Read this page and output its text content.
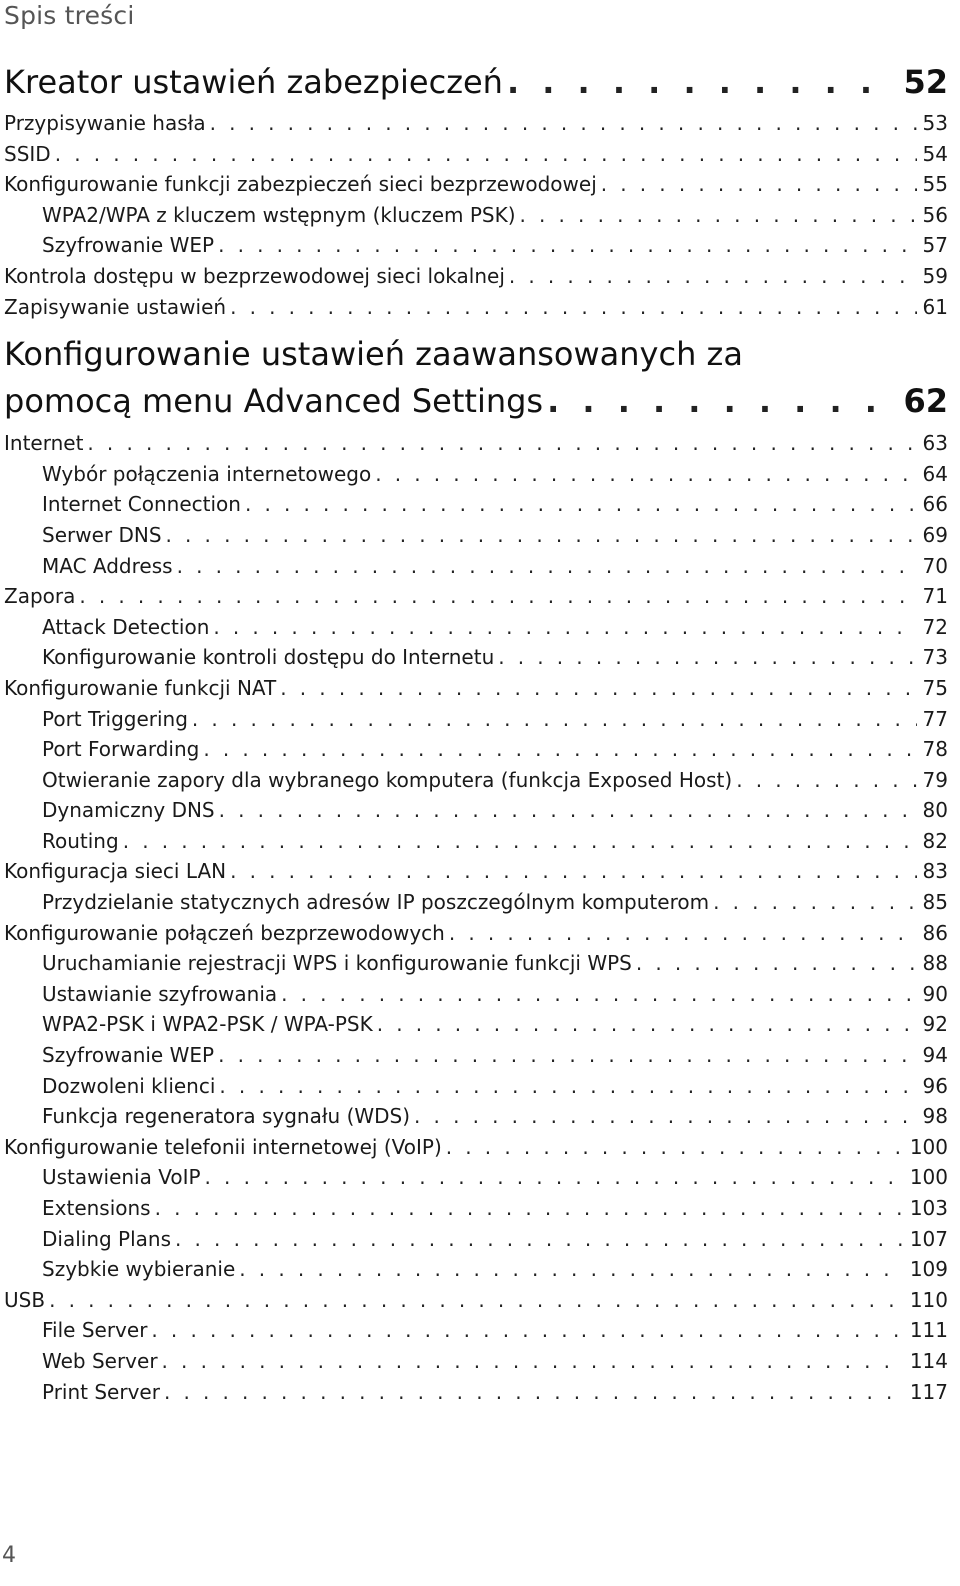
Spis treści
Kreator ustawień zabezpieczeń . . .	52
Przypisywanie hasła . . .	53
SSID . . .	54
Konfigurowanie funkcji zabezpieczeń sieci bezprzewodowej . . .	55
WPA2/WPA z kluczem wstępnym (kluczem PSK) . . .	56
Szyfrowanie WEP . . .	57
Kontrola dostępu w bezprzewodowej sieci lokalnej . . .	59
Zapisywanie ustawień . . .	61
Konfigurowanie ustawień zaawansowanych za
pomocą menu Advanced Settings . . .	62
Internet . . .	63
Wybór połączenia internetowego . . .	64
Internet Connection . . .	66
Serwer DNS . . .	69
MAC Address . . .	70
Zapora . . .	71
Attack Detection . . .	72
Konfigurowanie kontroli dostępu do Internetu . . .	73
Konfigurowanie funkcji NAT . . .	75
Port Triggering . . .	77
Port Forwarding . . .	78
Otwieranie zapory dla wybranego komputera (funkcja Exposed Host) . . .	79
Dynamiczny DNS . . .	80
Routing . . .	82
Konfiguracja sieci LAN . . .	83
Przydzielanie statycznych adresów IP poszczególnym komputerom . . .	85
Konfigurowanie połączeń bezprzewodowych . . .	86
Uruchamianie rejestracji WPS i konfigurowanie funkcji WPS . . .	88
Ustawianie szyfrowania . . .	90
WPA2-PSK i WPA2-PSK / WPA-PSK . . .	92
Szyfrowanie WEP . . .	94
Dozwoleni klienci . . .	96
Funkcja regeneratora sygnału (WDS) . . .	98
Konfigurowanie telefonii internetowej (VoIP) . . .	100
Ustawienia VoIP . . .	100
Extensions . . .	103
Dialing Plans . . .	107
Szybkie wybieranie . . .	109
USB . . .	110
File Server . . .	111
Web Server . . .	114
Print Server . . .	117
4
